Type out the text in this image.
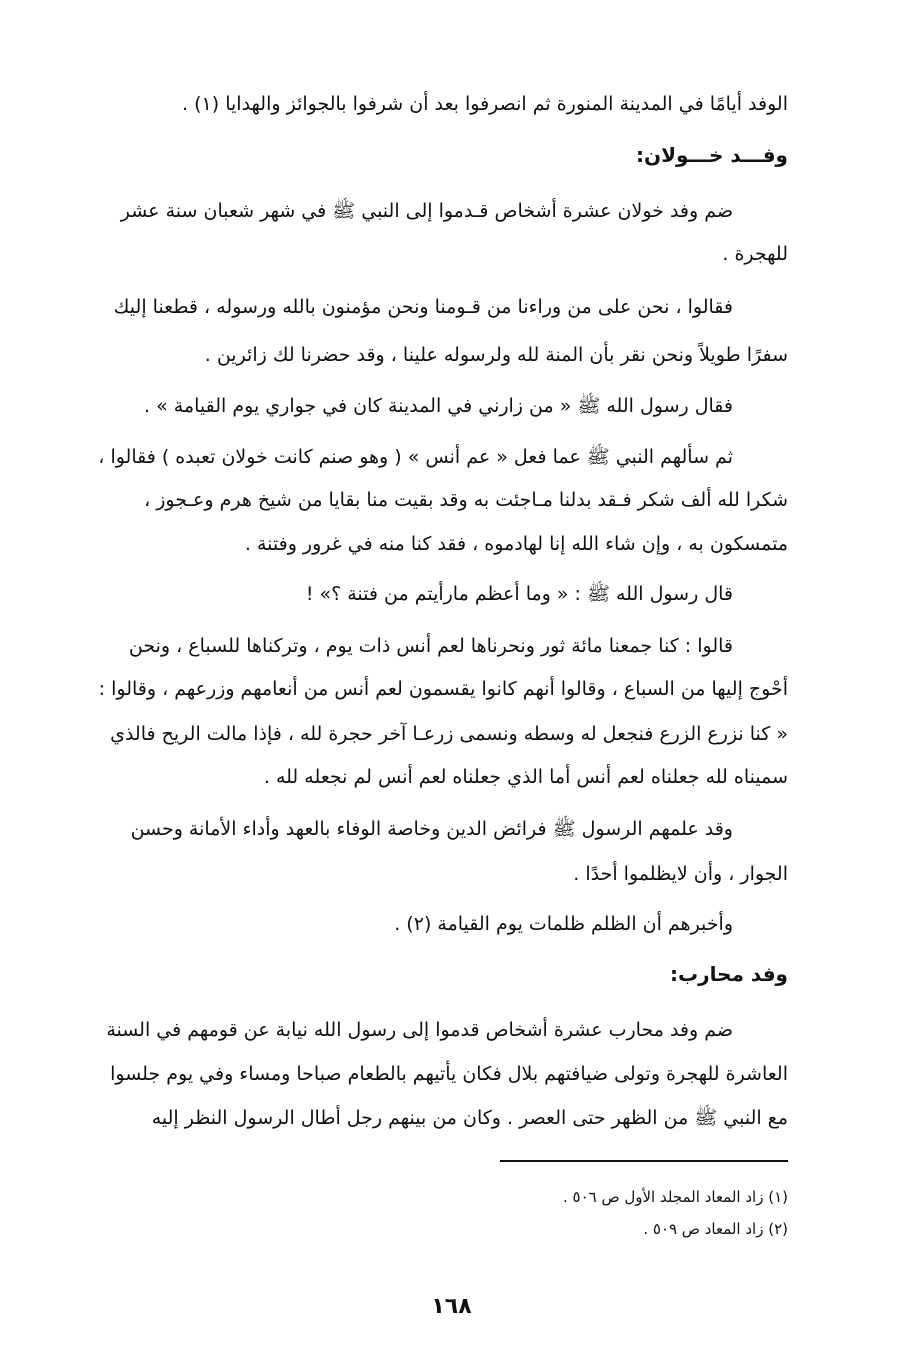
الوفد أيامًا في المدينة المنورة ثم انصرفوا بعد أن شرفوا بالجوائز والهدايا (١) .
وفـــد خـــولان:
ضم وفد خولان عشرة أشخاص قـدموا إلى النبي ﷺ في شهر شعبان سنة عشر
للهجرة .
فقالوا ، نحن على من وراءنا من قـومنا ونحن مؤمنون بالله ورسوله ، قطعنا إليك
سفرًا طويلاً ونحن نقر بأن المنة لله ولرسوله علينا ، وقد حضرنا لك زائرين .
فقال رسول الله ﷺ « من زارني في المدينة كان في جواري يوم القيامة » .
ثم سألهم النبي ﷺ عما فعل « عم أنس » ( وهو صنم كانت خولان تعبده ) فقالوا ،
شكرا لله ألف شكر فـقد بدلنا مـاجئت به وقد بقيت منا بقايا من شيخ هرم وعـجوز ،
متمسكون به ، وإن شاء الله إنا لهادموه ، فقد كنا منه في غرور وفتنة .
قال رسول الله ﷺ : « وما أعظم مارأيتم من فتنة ؟» !
قالوا : كنا جمعنا مائة ثور ونحرناها لعم أنس ذات يوم ، وتركناها للسباع ، ونحن
أحْوج إليها من السباع ، وقالوا أنهم كانوا يقسمون لعم أنس من أنعامهم وزرعهم ، وقالوا :
« كنا نزرع الزرع فنجعل له وسطه ونسمى زرعـا آخر حجرة لله ، فإذا مالت الريح فالذي
سميناه لله جعلناه لعم أنس أما الذي جعلناه لعم أنس لم نجعله لله .
وقد علمهم الرسول ﷺ فرائض الدين وخاصة الوفاء بالعهد وأداء الأمانة وحسن
الجوار ، وأن لايظلموا أحدًا .
وأخبرهم أن الظلم ظلمات يوم القيامة (٢) .
وفد محارب:
ضم وفد محارب عشرة أشخاص قدموا إلى رسول الله نيابة عن قومهم في السنة
العاشرة للهجرة وتولى ضيافتهم بلال فكان يأتيهم بالطعام صباحا ومساء وفي يوم جلسوا
مع النبي ﷺ من الظهر حتى العصر . وكان من بينهم رجل أطال الرسول النظر إليه
(١) زاد المعاد المجلد الأول ص ٥٠٦ .
(٢) زاد المعاد ص ٥٠٩ .
١٦٨
